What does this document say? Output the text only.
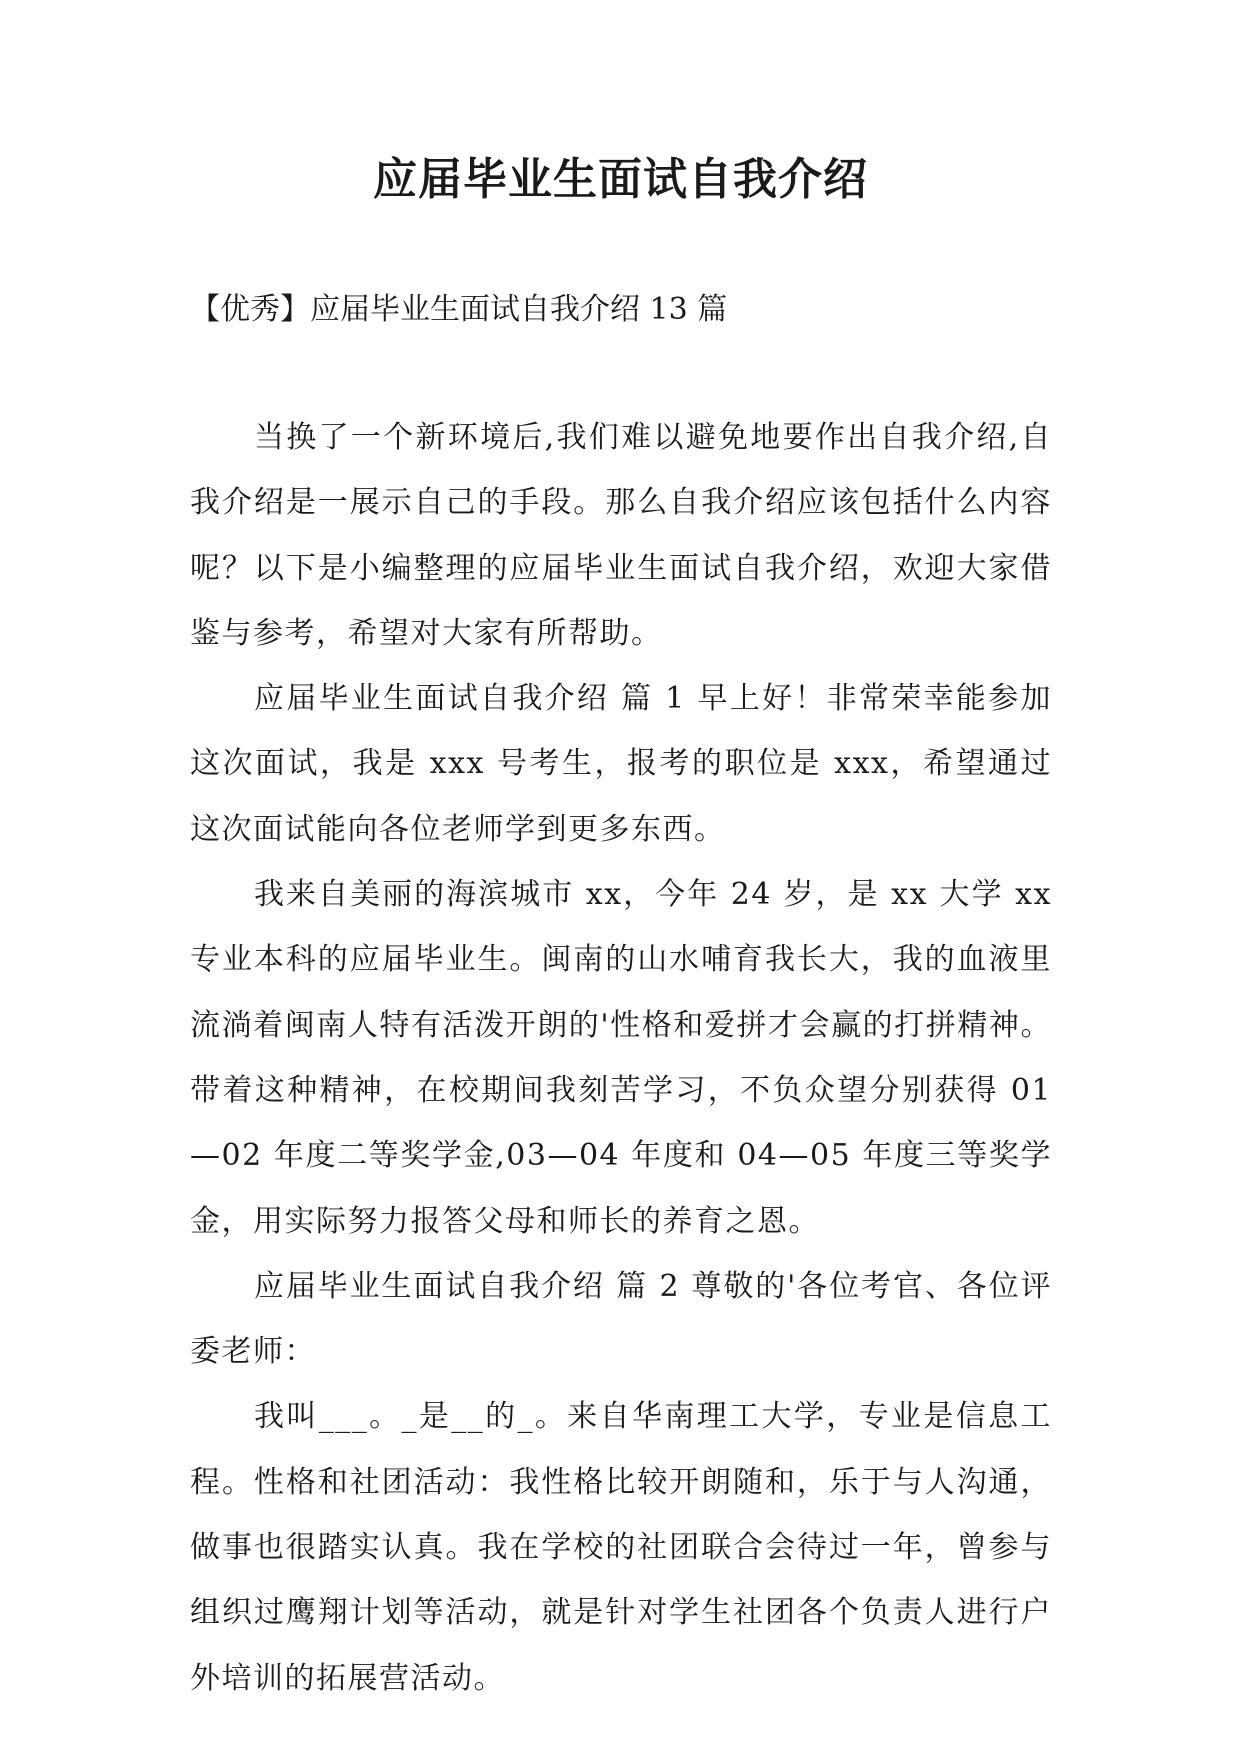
应届毕业生面试自我介绍

【优秀】应届毕业生面试自我介绍 13 篇

当换了一个新环境后,我们难以避免地要作出自我介绍,自我介绍是一展示自己的手段。那么自我介绍应该包括什么内容呢？以下是小编整理的应届毕业生面试自我介绍，欢迎大家借鉴与参考，希望对大家有所帮助。

应届毕业生面试自我介绍 篇 1 早上好！非常荣幸能参加这次面试，我是 xxx 号考生，报考的职位是 xxx，希望通过这次面试能向各位老师学到更多东西。

我来自美丽的海滨城市 xx，今年 24 岁，是 xx 大学 xx 专业本科的应届毕业生。闽南的山水哺育我长大，我的血液里流淌着闽南人特有活泼开朗的'性格和爱拼才会赢的打拼精神。带着这种精神，在校期间我刻苦学习，不负众望分别获得 01—02 年度二等奖学金,03—04 年度和 04—05 年度三等奖学金，用实际努力报答父母和师长的养育之恩。

应届毕业生面试自我介绍 篇 2 尊敬的'各位考官、各位评委老师：

我叫___。_是__的_。来自华南理工大学，专业是信息工程。性格和社团活动：我性格比较开朗随和，乐于与人沟通，做事也很踏实认真。我在学校的社团联合会待过一年，曾参与组织过鹰翔计划等活动，就是针对学生社团各个负责人进行户外培训的拓展营活动。
